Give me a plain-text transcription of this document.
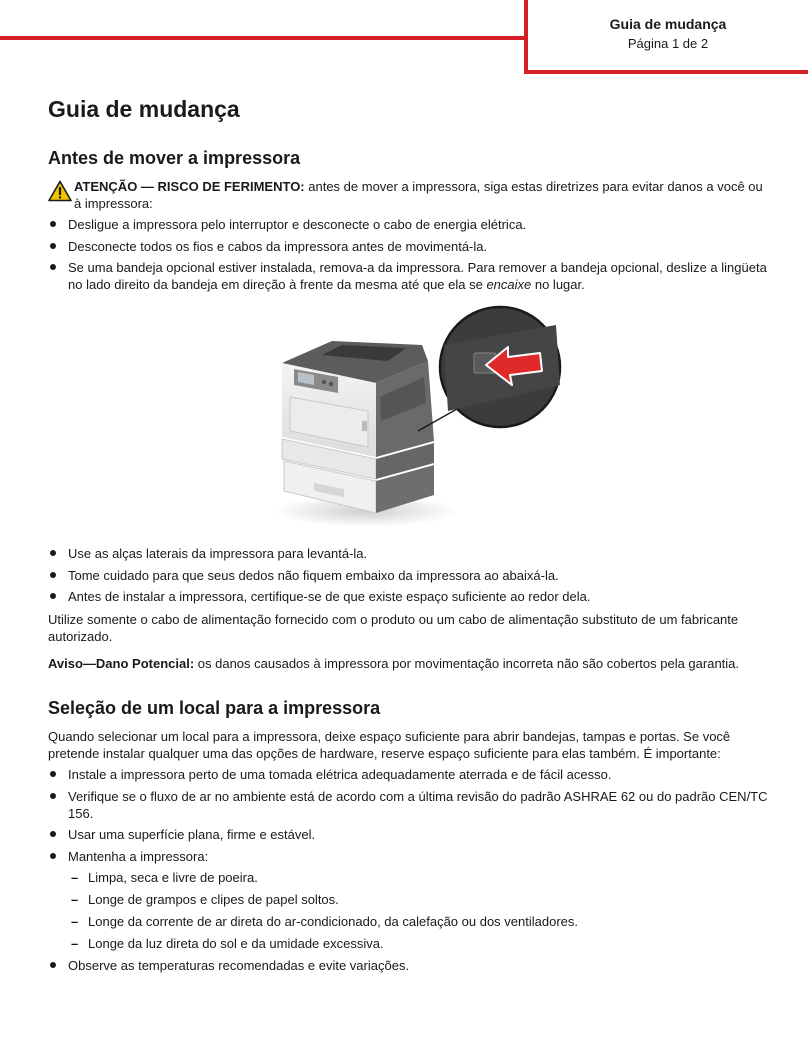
Guia de mudança
Página 1 de 2
Guia de mudança
Antes de mover a impressora
ATENÇÃO — RISCO DE FERIMENTO: antes de mover a impressora, siga estas diretrizes para evitar danos a você ou à impressora:
Desligue a impressora pelo interruptor e desconecte o cabo de energia elétrica.
Desconecte todos os fios e cabos da impressora antes de movimentá-la.
Se uma bandeja opcional estiver instalada, remova-a da impressora. Para remover a bandeja opcional, deslize a lingüeta no lado direito da bandeja em direção à frente da mesma até que ela se encaixe no lugar.
Use as alças laterais da impressora para levantá-la.
Tome cuidado para que seus dedos não fiquem embaixo da impressora ao abaixá-la.
Antes de instalar a impressora, certifique-se de que existe espaço suficiente ao redor dela.

Utilize somente o cabo de alimentação fornecido com o produto ou um cabo de alimentação substituto de um fabricante autorizado.

Aviso—Dano Potencial: os danos causados à impressora por movimentação incorreta não são cobertos pela garantia.

Seleção de um local para a impressora

Quando selecionar um local para a impressora, deixe espaço suficiente para abrir bandejas, tampas e portas. Se você pretende instalar qualquer uma das opções de hardware, reserve espaço suficiente para elas também. É importante:

Instale a impressora perto de uma tomada elétrica adequadamente aterrada e de fácil acesso.
Verifique se o fluxo de ar no ambiente está de acordo com a última revisão do padrão ASHRAE 62 ou do padrão CEN/TC 156.
Usar uma superfície plana, firme e estável.
Mantenha a impressora:
– Limpa, seca e livre de poeira.
– Longe de grampos e clipes de papel soltos.
– Longe da corrente de ar direta do ar-condicionado, da calefação ou dos ventiladores.
– Longe da luz direta do sol e da umidade excessiva.
Observe as temperaturas recomendadas e evite variações.
